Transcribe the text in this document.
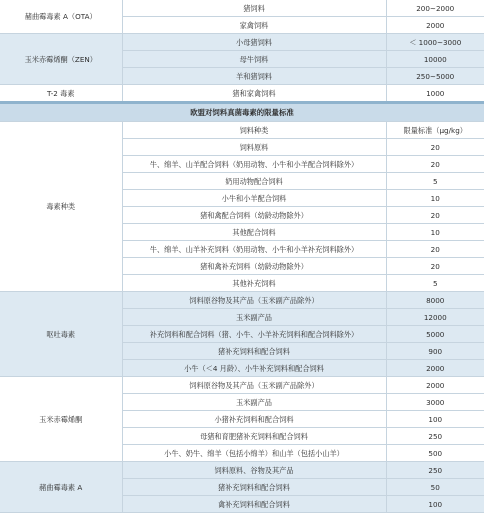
赭曲霉毒素 A（OTA）	猪饲料	200~2000
	家禽饲料	2000
玉米赤霉烯酮（ZEN）	小母猪饲料	＜ 1000~3000
	母牛饲料	10000
	羊和猪饲料	250~5000
T-2 毒素	猪和家禽饲料	1000
欧盟对饲料真菌毒素的限量标准		
毒素种类	饲料种类	限量标准（μg/kg）
	饲料原料	20
	牛、绵羊、山羊配合饲料（奶用动物、小牛和小羊配合饲料除外）	20
	奶用动物配合饲料	5
	小牛和小羊配合饲料	10
	猪和禽配合饲料（幼龄动物除外）	20
	其他配合饲料	10
	牛、绵羊、山羊补充饲料（奶用动物、小牛和小羊补充饲料除外）	20
	猪和禽补充饲料（幼龄动物除外）	20
	其他补充饲料	5
呕吐毒素	饲料原谷物及其产品（玉米副产品除外）	8000
	玉米副产品	12000
	补充饲料和配合饲料（猪、小牛、小羊补充饲料和配合饲料除外）	5000
	猪补充饲料和配合饲料	900
	小牛（＜4 月龄）、小牛补充饲料和配合饲料	2000
玉米赤霉烯酮	饲料原谷物及其产品（玉米副产品除外）	2000
	玉米副产品	3000
	小猪补充饲料和配合饲料	100
	母猪和育肥猪补充饲料和配合饲料	250
	小牛、奶牛、绵羊（包括小绵羊）和山羊（包括小山羊）	500
赭曲霉毒素 A	饲料原料、谷物及其产品	250
	猪补充饲料和配合饲料	50
	禽补充饲料和配合饲料	100
